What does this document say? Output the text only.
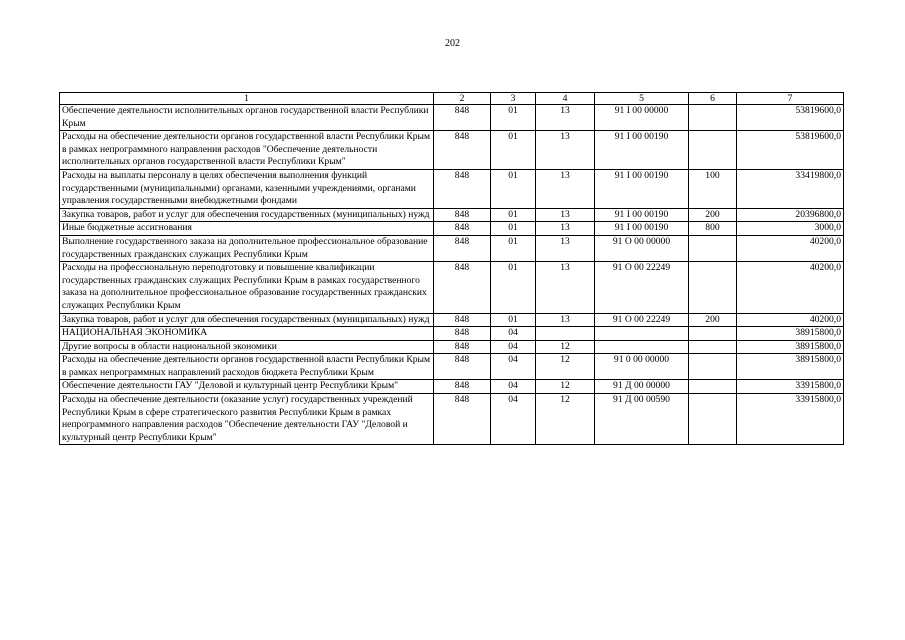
202
1	2	3	4	5	6	7
Обеспечение деятельности исполнительных органов государственной власти Республики Крым	848	01	13	91 I 00 00000		53819600,0
Расходы на обеспечение деятельности органов государственной власти Республики Крым в рамках непрограммного направления расходов "Обеспечение деятельности исполнительных органов государственной власти Республики Крым"	848	01	13	91 I 00 00190		53819600,0
Расходы на выплаты персоналу в целях обеспечения выполнения функций государственными (муниципальными) органами, казенными учреждениями, органами управления государственными внебюджетными фондами	848	01	13	91 I 00 00190	100	33419800,0
Закупка товаров, работ и услуг для обеспечения государственных (муниципальных) нужд	848	01	13	91 I 00 00190	200	20396800,0
Иные бюджетные ассигнования	848	01	13	91 I 00 00190	800	3000,0
Выполнение государственного заказа на дополнительное профессиональное образование государственных гражданских служащих Республики Крым	848	01	13	91 О 00 00000		40200,0
Расходы на профессиональную переподготовку и повышение квалификации государственных гражданских служащих Республики Крым в рамках государственного заказа на дополнительное профессиональное образование государственных гражданских служащих Республики Крым	848	01	13	91 О 00 22249		40200,0
Закупка товаров, работ и услуг для обеспечения государственных (муниципальных) нужд	848	01	13	91 О 00 22249	200	40200,0
НАЦИОНАЛЬНАЯ ЭКОНОМИКА	848	04				38915800,0
Другие вопросы в области национальной экономики	848	04	12			38915800,0
Расходы на обеспечение деятельности органов государственной власти Республики Крым в рамках непрограммных направлений расходов бюджета Республики Крым	848	04	12	91 0 00 00000		38915800,0
Обеспечение деятельности ГАУ "Деловой и культурный центр Республики Крым"	848	04	12	91 Д 00 00000		33915800,0
Расходы на обеспечение деятельности (оказание услуг) государственных учреждений Республики Крым в сфере стратегического развития Республики Крым в рамках непрограммного направления расходов "Обеспечение деятельности ГАУ "Деловой и культурный центр Республики Крым"	848	04	12	91 Д 00 00590		33915800,0
